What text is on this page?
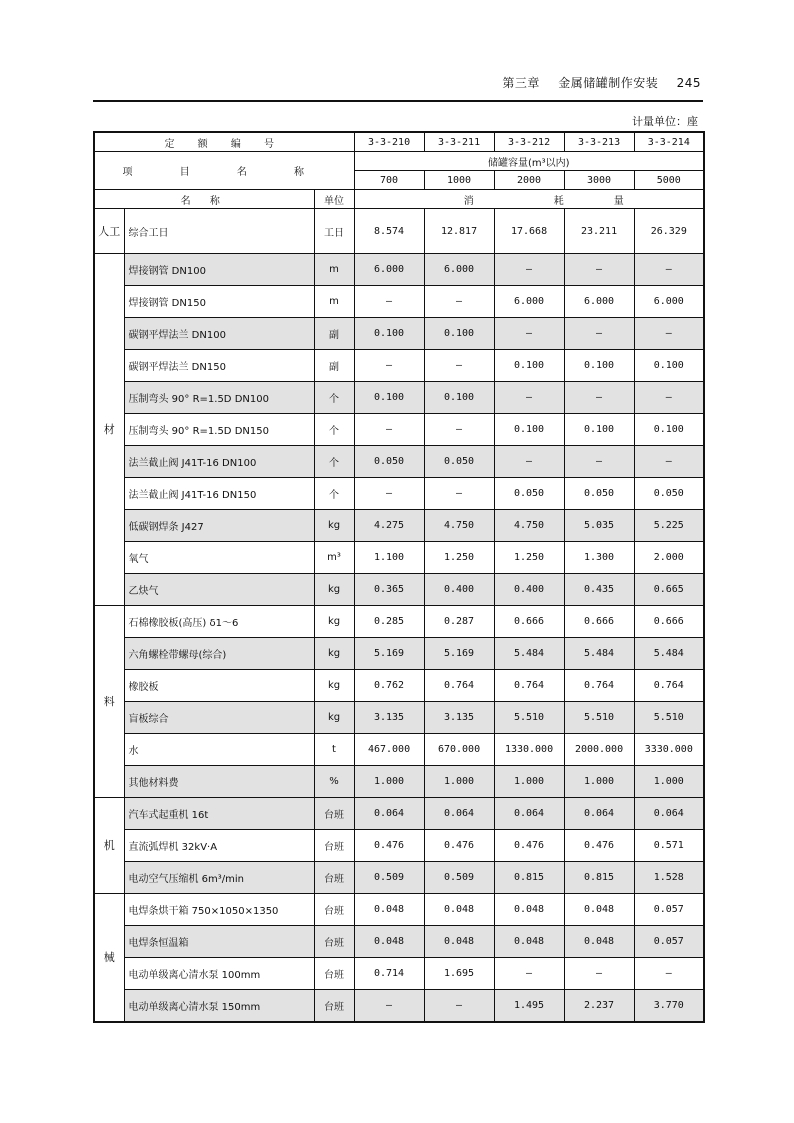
第三章 金属储罐制作安装 245
计量单位：座
定 额 编 号			3-3-210	3-3-211	3-3-212	3-3-213	3-3-214
项 目 名 称			储罐容量(m³以内)				
			700	1000	2000	3000	5000
名 称		单位	消 耗 量				
人工	综合工日	工日	8.574	12.817	17.668	23.211	26.329
材	焊接钢管 DN100	m	6.000	6.000	—	—	—
	焊接钢管 DN150	m	—	—	6.000	6.000	6.000
	碳钢平焊法兰 DN100	副	0.100	0.100	—	—	—
	碳钢平焊法兰 DN150	副	—	—	0.100	0.100	0.100
	压制弯头 90° R=1.5D DN100	个	0.100	0.100	—	—	—
	压制弯头 90° R=1.5D DN150	个	—	—	0.100	0.100	0.100
	法兰截止阀 J41T-16 DN100	个	0.050	0.050	—	—	—
	法兰截止阀 J41T-16 DN150	个	—	—	0.050	0.050	0.050
	低碳钢焊条 J427	kg	4.275	4.750	4.750	5.035	5.225
	氧气	m³	1.100	1.250	1.250	1.300	2.000
	乙炔气	kg	0.365	0.400	0.400	0.435	0.665
料	石棉橡胶板(高压) δ1～6	kg	0.285	0.287	0.666	0.666	0.666
	六角螺栓带螺母(综合)	kg	5.169	5.169	5.484	5.484	5.484
	橡胶板	kg	0.762	0.764	0.764	0.764	0.764
	盲板综合	kg	3.135	3.135	5.510	5.510	5.510
	水	t	467.000	670.000	1330.000	2000.000	3330.000
	其他材料费	%	1.000	1.000	1.000	1.000	1.000
机	汽车式起重机 16t	台班	0.064	0.064	0.064	0.064	0.064
	直流弧焊机 32kV·A	台班	0.476	0.476	0.476	0.476	0.571
	电动空气压缩机 6m³/min	台班	0.509	0.509	0.815	0.815	1.528
械	电焊条烘干箱 750×1050×1350	台班	0.048	0.048	0.048	0.048	0.057
	电焊条恒温箱	台班	0.048	0.048	0.048	0.048	0.057
	电动单级离心清水泵 100mm	台班	0.714	1.695	—	—	—
	电动单级离心清水泵 150mm	台班	—	—	1.495	2.237	3.770
